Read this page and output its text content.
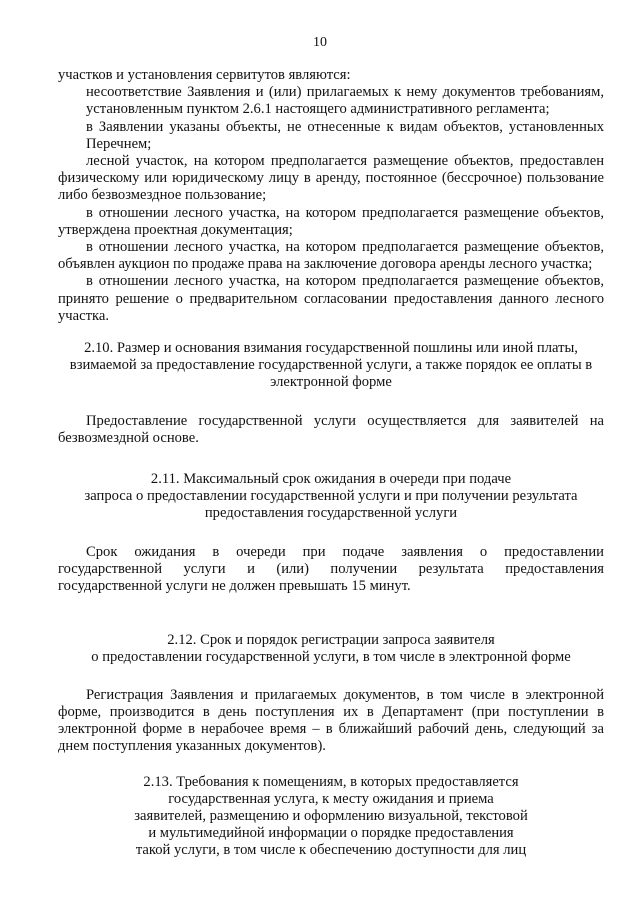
10

участков и установления сервитутов являются:

несоответствие Заявления и (или) прилагаемых к нему документов требованиям, установленным пунктом 2.6.1 настоящего административного регламента;

в Заявлении указаны объекты, не отнесенные к видам объектов, установленных Перечнем;

лесной участок, на котором предполагается размещение объектов, предоставлен физическому или юридическому лицу в аренду, постоянное (бессрочное) пользование либо безвозмездное пользование;

в отношении лесного участка, на котором предполагается размещение объектов, утверждена проектная документация;

в отношении лесного участка, на котором предполагается размещение объектов, объявлен аукцион по продаже права на заключение договора аренды лесного участка;

в отношении лесного участка, на котором предполагается размещение объектов, принято решение о предварительном согласовании предоставления данного лесного участка.

2.10. Размер и основания взимания государственной пошлины или иной платы, взимаемой за предоставление государственной услуги, а также порядок ее оплаты в электронной форме

Предоставление государственной услуги осуществляется для заявителей на безвозмездной основе.

2.11. Максимальный срок ожидания в очереди при подаче

запроса о предоставлении государственной услуги и при получении результата

предоставления государственной услуги

Срок ожидания в очереди при подаче заявления о предоставлении государственной услуги и (или) получении результата предоставления государственной услуги не должен превышать 15 минут.

2.12. Срок и порядок регистрации запроса заявителя

о предоставлении государственной услуги, в том числе в электронной форме

Регистрация Заявления и прилагаемых документов, в том числе в электронной форме, производится в день поступления их в Департамент (при поступлении в электронной форме в нерабочее время – в ближайший рабочий день, следующий за днем поступления указанных документов).

2.13. Требования к помещениям, в которых предоставляется

государственная услуга, к месту ожидания и приема

заявителей, размещению и оформлению визуальной, текстовой

и мультимедийной информации о порядке предоставления

такой услуги, в том числе к обеспечению доступности для лиц
